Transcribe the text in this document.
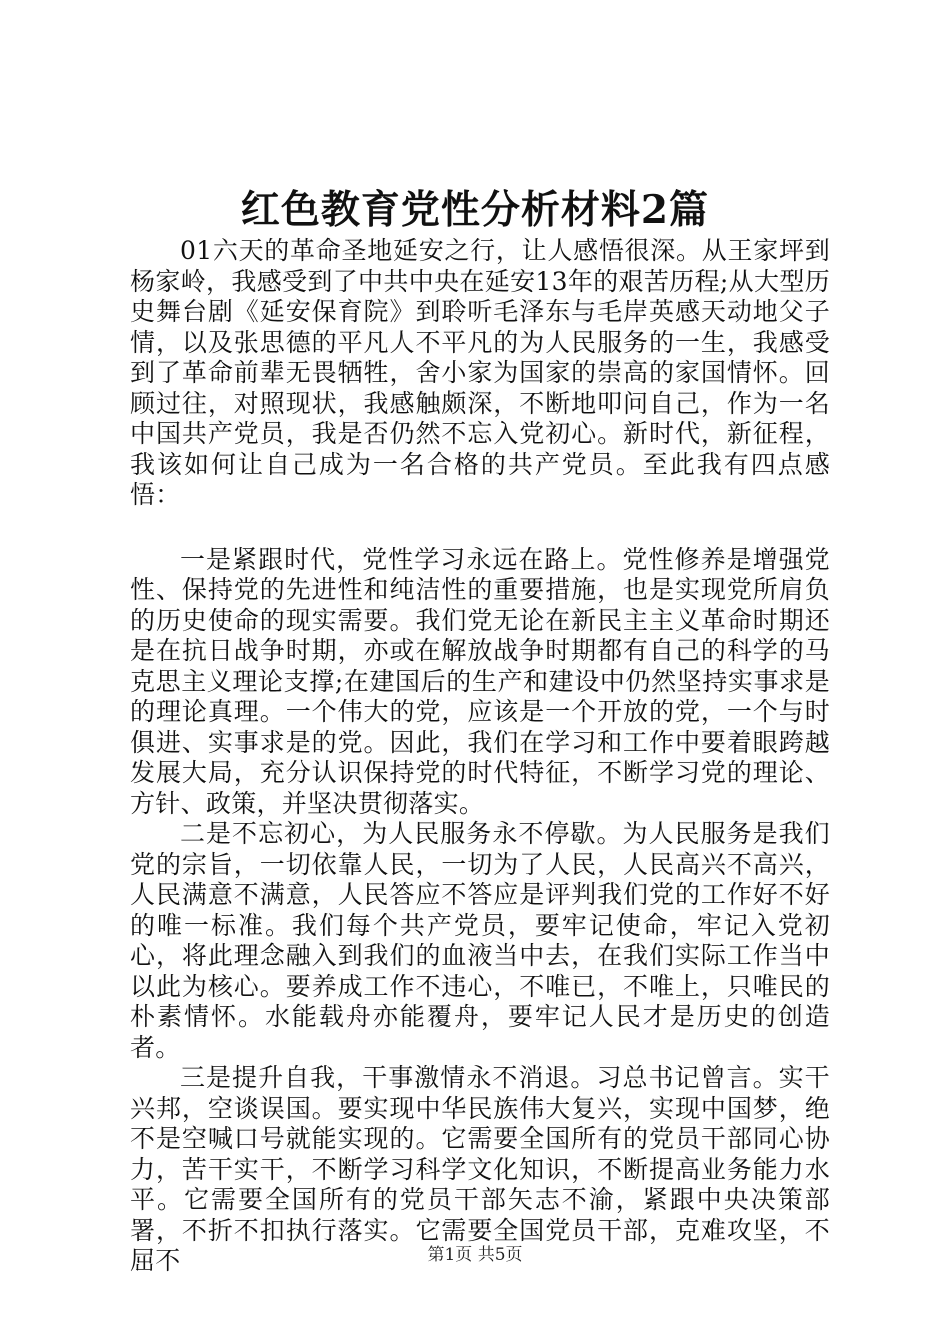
红色教育党性分析材料2篇

01六天的革命圣地延安之行，让人感悟很深。从王家坪到杨家岭，我感受到了中共中央在延安13年的艰苦历程;从大型历史舞台剧《延安保育院》到聆听毛泽东与毛岸英感天动地父子情，以及张思德的平凡人不平凡的为人民服务的一生，我感受到了革命前辈无畏牺牲，舍小家为国家的崇高的家国情怀。回顾过往，对照现状，我感触颇深，不断地叩问自己，作为一名中国共产党员，我是否仍然不忘入党初心。新时代，新征程，我该如何让自己成为一名合格的共产党员。至此我有四点感悟：

一是紧跟时代，党性学习永远在路上。党性修养是增强党性、保持党的先进性和纯洁性的重要措施，也是实现党所肩负的历史使命的现实需要。我们党无论在新民主主义革命时期还是在抗日战争时期，亦或在解放战争时期都有自己的科学的马克思主义理论支撑;在建国后的生产和建设中仍然坚持实事求是的理论真理。一个伟大的党，应该是一个开放的党，一个与时俱进、实事求是的党。因此，我们在学习和工作中要着眼跨越发展大局，充分认识保持党的时代特征，不断学习党的理论、方针、政策，并坚决贯彻落实。

二是不忘初心，为人民服务永不停歇。为人民服务是我们党的宗旨，一切依靠人民，一切为了人民，人民高兴不高兴，人民满意不满意，人民答应不答应是评判我们党的工作好不好的唯一标准。我们每个共产党员，要牢记使命，牢记入党初心，将此理念融入到我们的血液当中去，在我们实际工作当中以此为核心。要养成工作不违心，不唯已，不唯上，只唯民的朴素情怀。水能载舟亦能覆舟，要牢记人民才是历史的创造者。

三是提升自我，干事激情永不消退。习总书记曾言。实干兴邦，空谈误国。要实现中华民族伟大复兴，实现中国梦，绝不是空喊口号就能实现的。它需要全国所有的党员干部同心协力，苦干实干，不断学习科学文化知识，不断提高业务能力水平。它需要全国所有的党员干部矢志不渝，紧跟中央决策部署，不折不扣执行落实。它需要全国党员干部，克难攻坚，不屈不	第1页 共5页
